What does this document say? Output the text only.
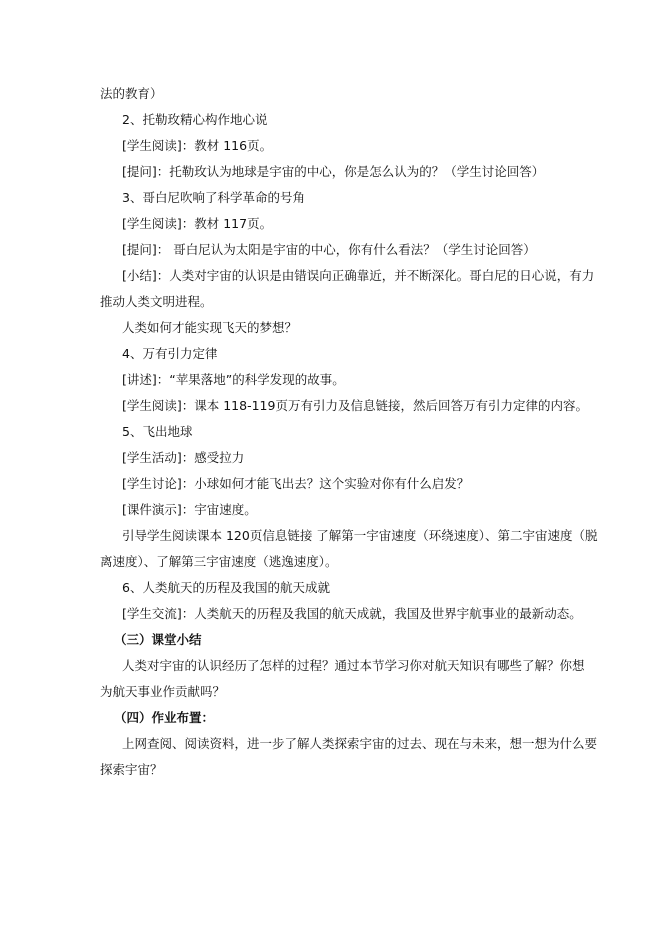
法的教育）
2、托勒玫精心构作地心说
[学生阅读]：教材 116页。
[提问]：托勒玫认为地球是宇宙的中心，你是怎么认为的？（学生讨论回答）
3、哥白尼吹响了科学革命的号角
[学生阅读]：教材 117页。
[提问]： 哥白尼认为太阳是宇宙的中心，你有什么看法？（学生讨论回答）
[小结]：人类对宇宙的认识是由错误向正确靠近，并不断深化。哥白尼的日心说，有力
推动人类文明进程。
人类如何才能实现飞天的梦想？
4、万有引力定律
[讲述]：“苹果落地”的科学发现的故事。
[学生阅读]：课本 118-119页万有引力及信息链接，然后回答万有引力定律的内容。
5、飞出地球
[学生活动]：感受拉力
[学生讨论]：小球如何才能飞出去？这个实验对你有什么启发？
[课件演示]：宇宙速度。
引导学生阅读课本 120页信息链接 了解第一宇宙速度（环绕速度）、第二宇宙速度（脱
离速度）、了解第三宇宙速度（逃逸速度）。
6、人类航天的历程及我国的航天成就
[学生交流]：人类航天的历程及我国的航天成就，我国及世界宇航事业的最新动态。
（三）课堂小结
人类对宇宙的认识经历了怎样的过程？通过本节学习你对航天知识有哪些了解？你想
为航天事业作贡献吗？
（四）作业布置：
上网查阅、阅读资料，进一步了解人类探索宇宙的过去、现在与未来，想一想为什么要
探索宇宙？
